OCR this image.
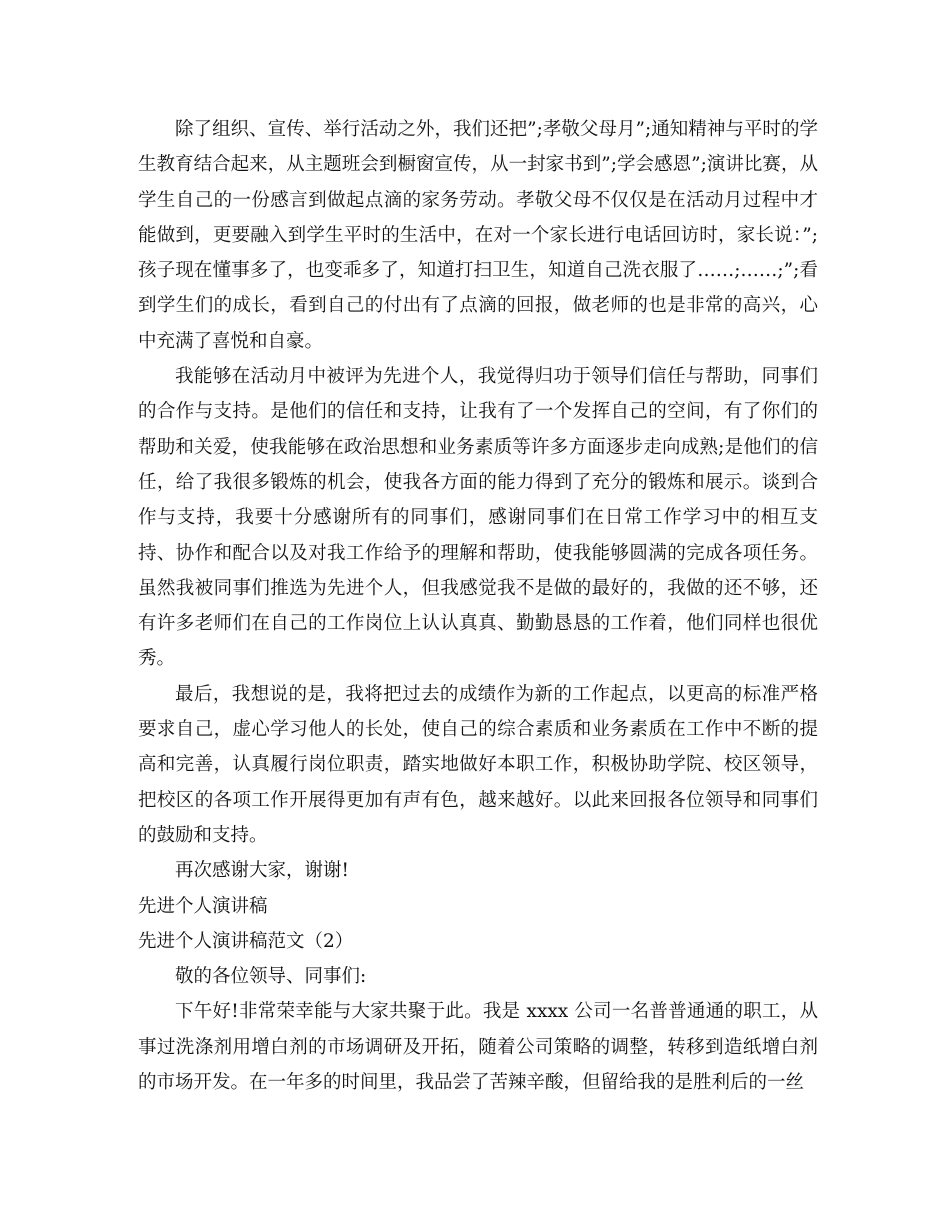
除了组织、宣传、举行活动之外，我们还把”;孝敬父母月”;通知精神与平时的学生教育结合起来，从主题班会到橱窗宣传，从一封家书到”;学会感恩”;演讲比赛，从学生自己的一份感言到做起点滴的家务劳动。孝敬父母不仅仅是在活动月过程中才能做到，更要融入到学生平时的生活中，在对一个家长进行电话回访时，家长说：”;孩子现在懂事多了，也变乖多了，知道打扫卫生，知道自己洗衣服了……;……;”;看到学生们的成长，看到自己的付出有了点滴的回报，做老师的也是非常的高兴，心中充满了喜悦和自豪。

我能够在活动月中被评为先进个人，我觉得归功于领导们信任与帮助，同事们的合作与支持。是他们的信任和支持，让我有了一个发挥自己的空间，有了你们的帮助和关爱，使我能够在政治思想和业务素质等许多方面逐步走向成熟;是他们的信任，给了我很多锻炼的机会，使我各方面的能力得到了充分的锻炼和展示。谈到合作与支持，我要十分感谢所有的同事们，感谢同事们在日常工作学习中的相互支持、协作和配合以及对我工作给予的理解和帮助，使我能够圆满的完成各项任务。虽然我被同事们推选为先进个人，但我感觉我不是做的最好的，我做的还不够，还有许多老师们在自己的工作岗位上认认真真、勤勤恳恳的工作着，他们同样也很优秀。

最后，我想说的是，我将把过去的成绩作为新的工作起点，以更高的标准严格要求自己，虚心学习他人的长处，使自己的综合素质和业务素质在工作中不断的提高和完善，认真履行岗位职责，踏实地做好本职工作，积极协助学院、校区领导，把校区的各项工作开展得更加有声有色，越来越好。以此来回报各位领导和同事们的鼓励和支持。

再次感谢大家，谢谢!

先进个人演讲稿

先进个人演讲稿范文（2）

敬的各位领导、同事们:

下午好!非常荣幸能与大家共聚于此。我是 xxxx 公司一名普普通通的职工，从事过洗涤剂用增白剂的市场调研及开拓，随着公司策略的调整，转移到造纸增白剂的市场开发。在一年多的时间里，我品尝了苦辣辛酸，但留给我的是胜利后的一丝
